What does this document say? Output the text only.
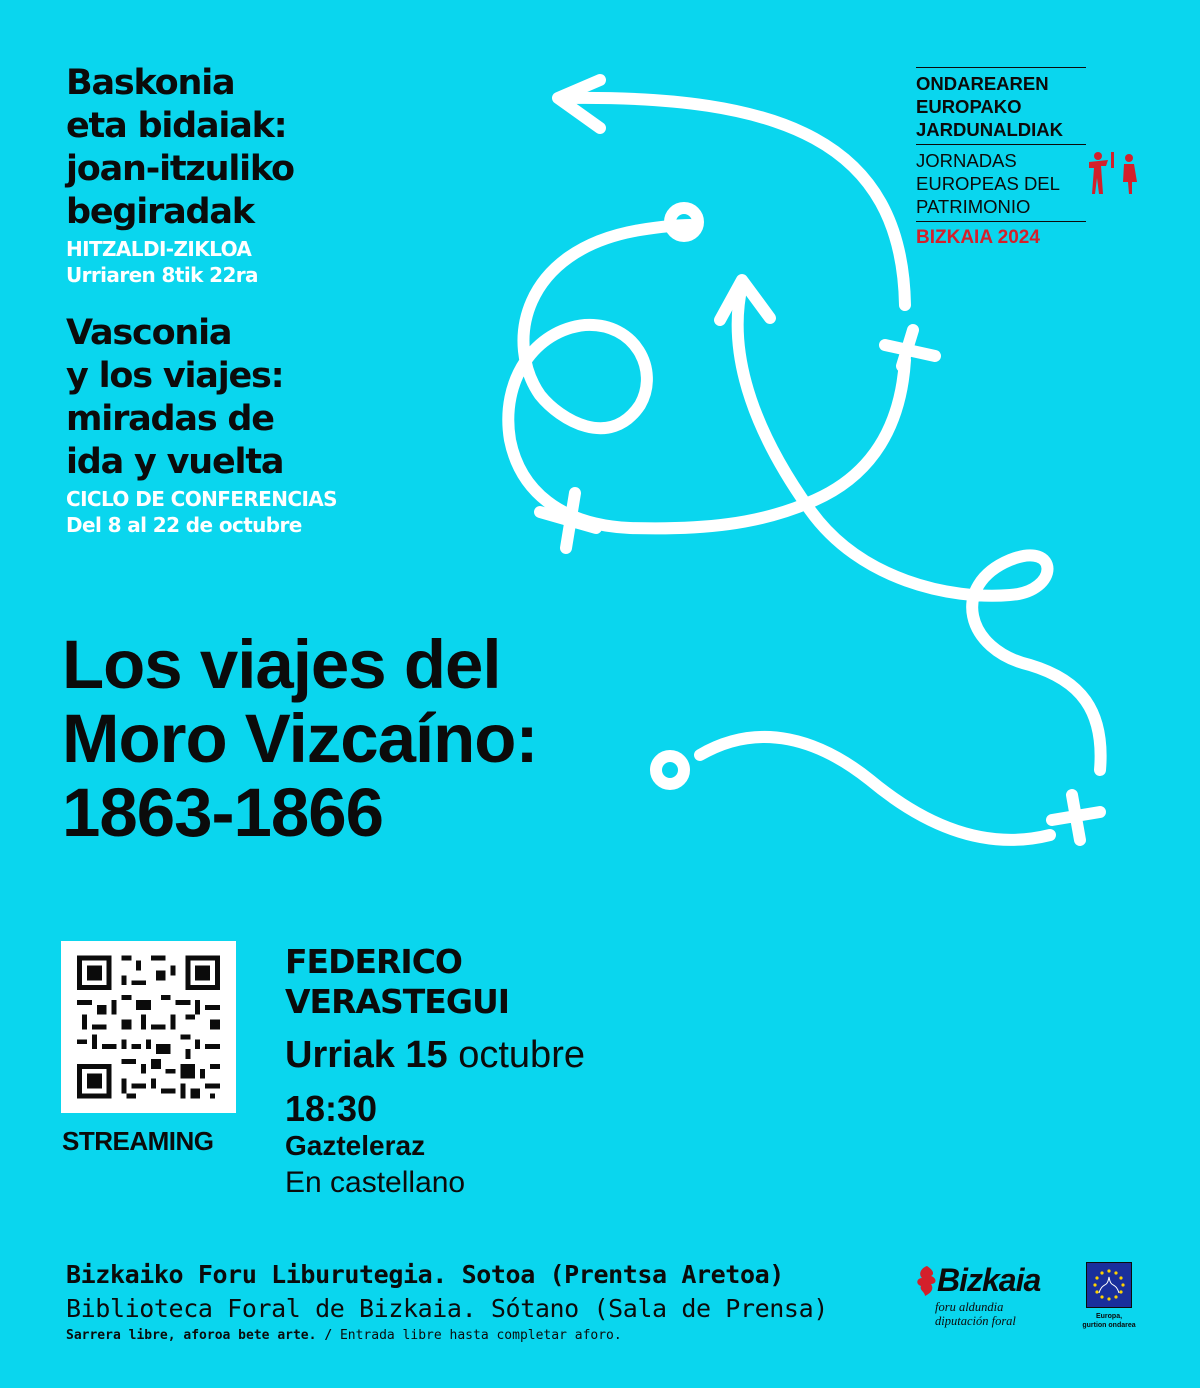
Baskonia
eta bidaiak:
joan-itzuliko
begiradak
HITZALDI-ZIKLOA
Urriaren 8tik 22ra
Vasconia
y los viajes:
miradas de
ida y vuelta
CICLO DE CONFERENCIAS
Del 8 al 22 de octubre
ONDAREAREN
EUROPAKO
JARDUNALDIAK
JORNADAS
EUROPEAS DEL
PATRIMONIO
BIZKAIA 2024
Los viajes del
Moro Vizcaíno:
1863-1866
STREAMING
FEDERICO
VERASTEGUI
Urriak 15 octubre
18:30
Gazteleraz
En castellano
Bizkaiko Foru Liburutegia. Sotoa (Prentsa Aretoa)
Biblioteca Foral de Bizkaia. Sótano (Sala de Prensa)
Sarrera libre, aforoa bete arte. / Entrada libre hasta completar aforo.
Bizkaia
foru aldundia
diputación foral	Europa,
gurtion ondarea
